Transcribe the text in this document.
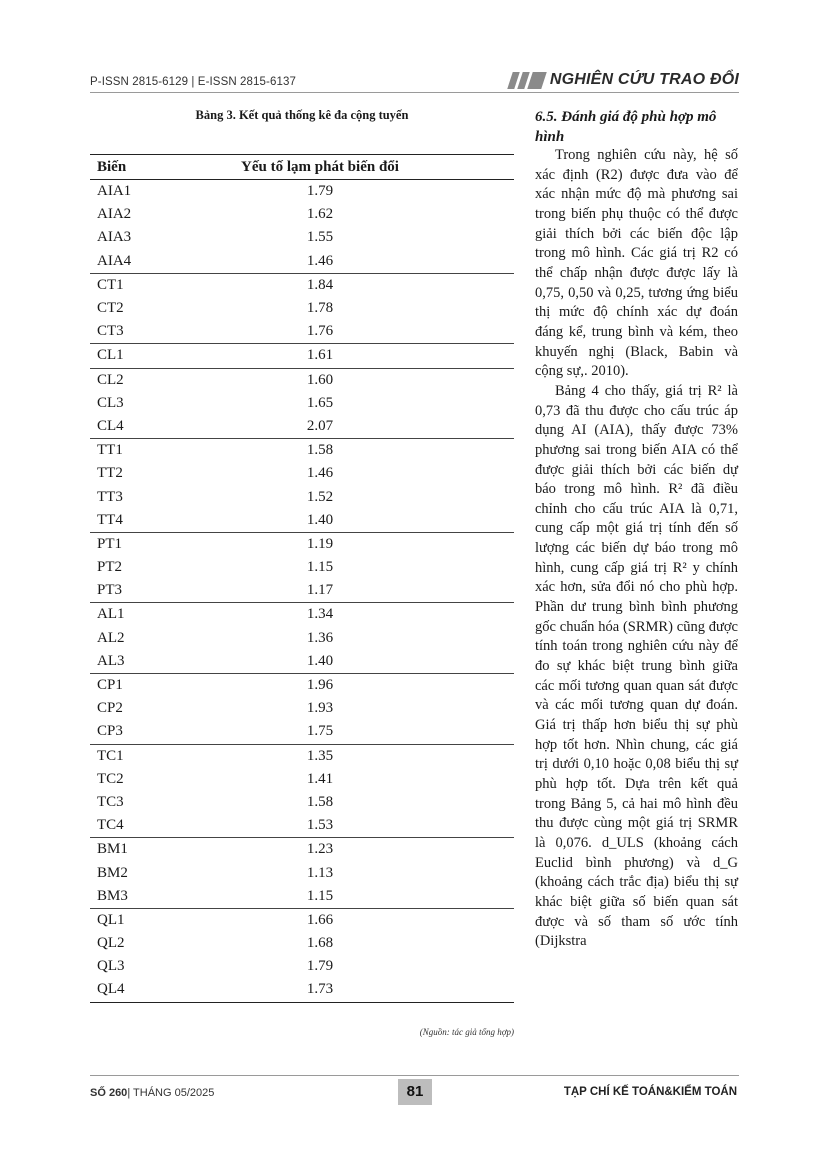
P-ISSN 2815-6129 | E-ISSN 2815-6137	NGHIÊN CỨU TRAO ĐỔI
Bảng 3. Kết quả thống kê đa cộng tuyến
Biến	Yếu tố lạm phát biến đổi
AIA1	1.79
AIA2	1.62
AIA3	1.55
AIA4	1.46
CT1	1.84
CT2	1.78
CT3	1.76
CL1	1.61
CL2	1.60
CL3	1.65
CL4	2.07
TT1	1.58
TT2	1.46
TT3	1.52
TT4	1.40
PT1	1.19
PT2	1.15
PT3	1.17
AL1	1.34
AL2	1.36
AL3	1.40
CP1	1.96
CP2	1.93
CP3	1.75
TC1	1.35
TC2	1.41
TC3	1.58
TC4	1.53
BM1	1.23
BM2	1.13
BM3	1.15
QL1	1.66
QL2	1.68
QL3	1.79
QL4	1.73
(Nguồn: tác giả tổng hợp)
6.5. Đánh giá độ phù hợp mô hình

Trong nghiên cứu này, hệ số xác định (R2) được đưa vào để xác nhận mức độ mà phương sai trong biến phụ thuộc có thể được giải thích bởi các biến độc lập trong mô hình. Các giá trị R2 có thể chấp nhận được được lấy là 0,75, 0,50 và 0,25, tương ứng biểu thị mức độ chính xác dự đoán đáng kể, trung bình và kém, theo khuyến nghị (Black, Babin và cộng sự,. 2010).

Bảng 4 cho thấy, giá trị R² là 0,73 đã thu được cho cấu trúc áp dụng AI (AIA), thấy được 73% phương sai trong biến AIA có thể được giải thích bởi các biến dự báo trong mô hình. R² đã điều chỉnh cho cấu trúc AIA là 0,71, cung cấp một giá trị tính đến số lượng các biến dự báo trong mô hình, cung cấp giá trị R² y chính xác hơn, sửa đổi nó cho phù hợp. Phần dư trung bình bình phương gốc chuẩn hóa (SRMR) cũng được tính toán trong nghiên cứu này để đo sự khác biệt trung bình giữa các mối tương quan quan sát được và các mối tương quan dự đoán. Giá trị thấp hơn biểu thị sự phù hợp tốt hơn. Nhìn chung, các giá trị dưới 0,10 hoặc 0,08 biểu thị sự phù hợp tốt. Dựa trên kết quả trong Bảng 5, cả hai mô hình đều thu được cùng một giá trị SRMR là 0,076. d_ULS (khoảng cách Euclid bình phương) và d_G (khoảng cách trắc địa) biểu thị sự khác biệt giữa số biến quan sát được và số tham số ước tính (Dijkstra

SỐ 260| THÁNG 05/2025	81	TẠP CHÍ KẾ TOÁN&KIỂM TOÁN
